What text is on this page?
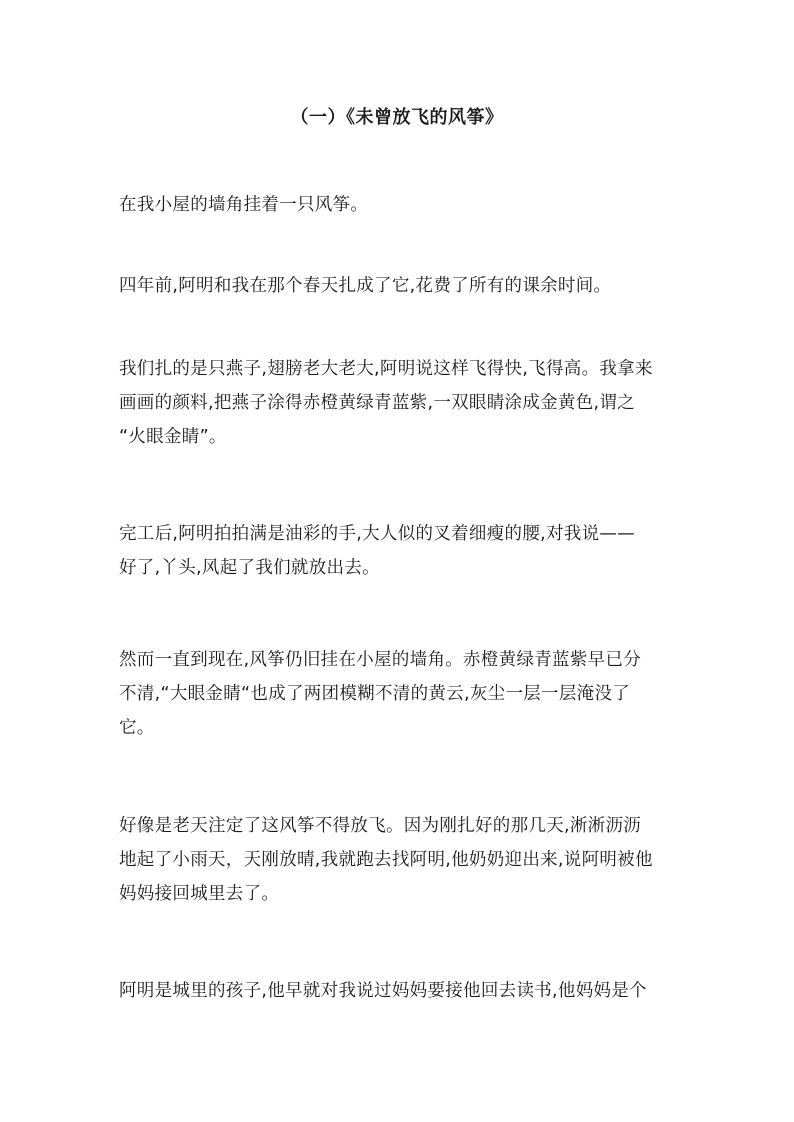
（一）《未曾放飞的风筝》

在我小屋的墙角挂着一只风筝。

四年前,阿明和我在那个春天扎成了它,花费了所有的课余时间。

我们扎的是只燕子,翅膀老大老大,阿明说这样飞得快,飞得高。我拿来
画画的颜料,把燕子涂得赤橙黄绿青蓝紫,一双眼睛涂成金黄色,谓之
“火眼金睛”。

完工后,阿明拍拍满是油彩的手,大人似的叉着细瘦的腰,对我说——
好了,丫头,风起了我们就放出去。

然而一直到现在,风筝仍旧挂在小屋的墙角。赤橙黄绿青蓝紫早已分
不清,“大眼金睛“也成了两团模糊不清的黄云,灰尘一层一层淹没了
它。

好像是老天注定了这风筝不得放飞。因为刚扎好的那几天,淅淅沥沥
地起了小雨天，天刚放晴,我就跑去找阿明,他奶奶迎出来,说阿明被他
妈妈接回城里去了。

阿明是城里的孩子,他早就对我说过妈妈要接他回去读书,他妈妈是个
